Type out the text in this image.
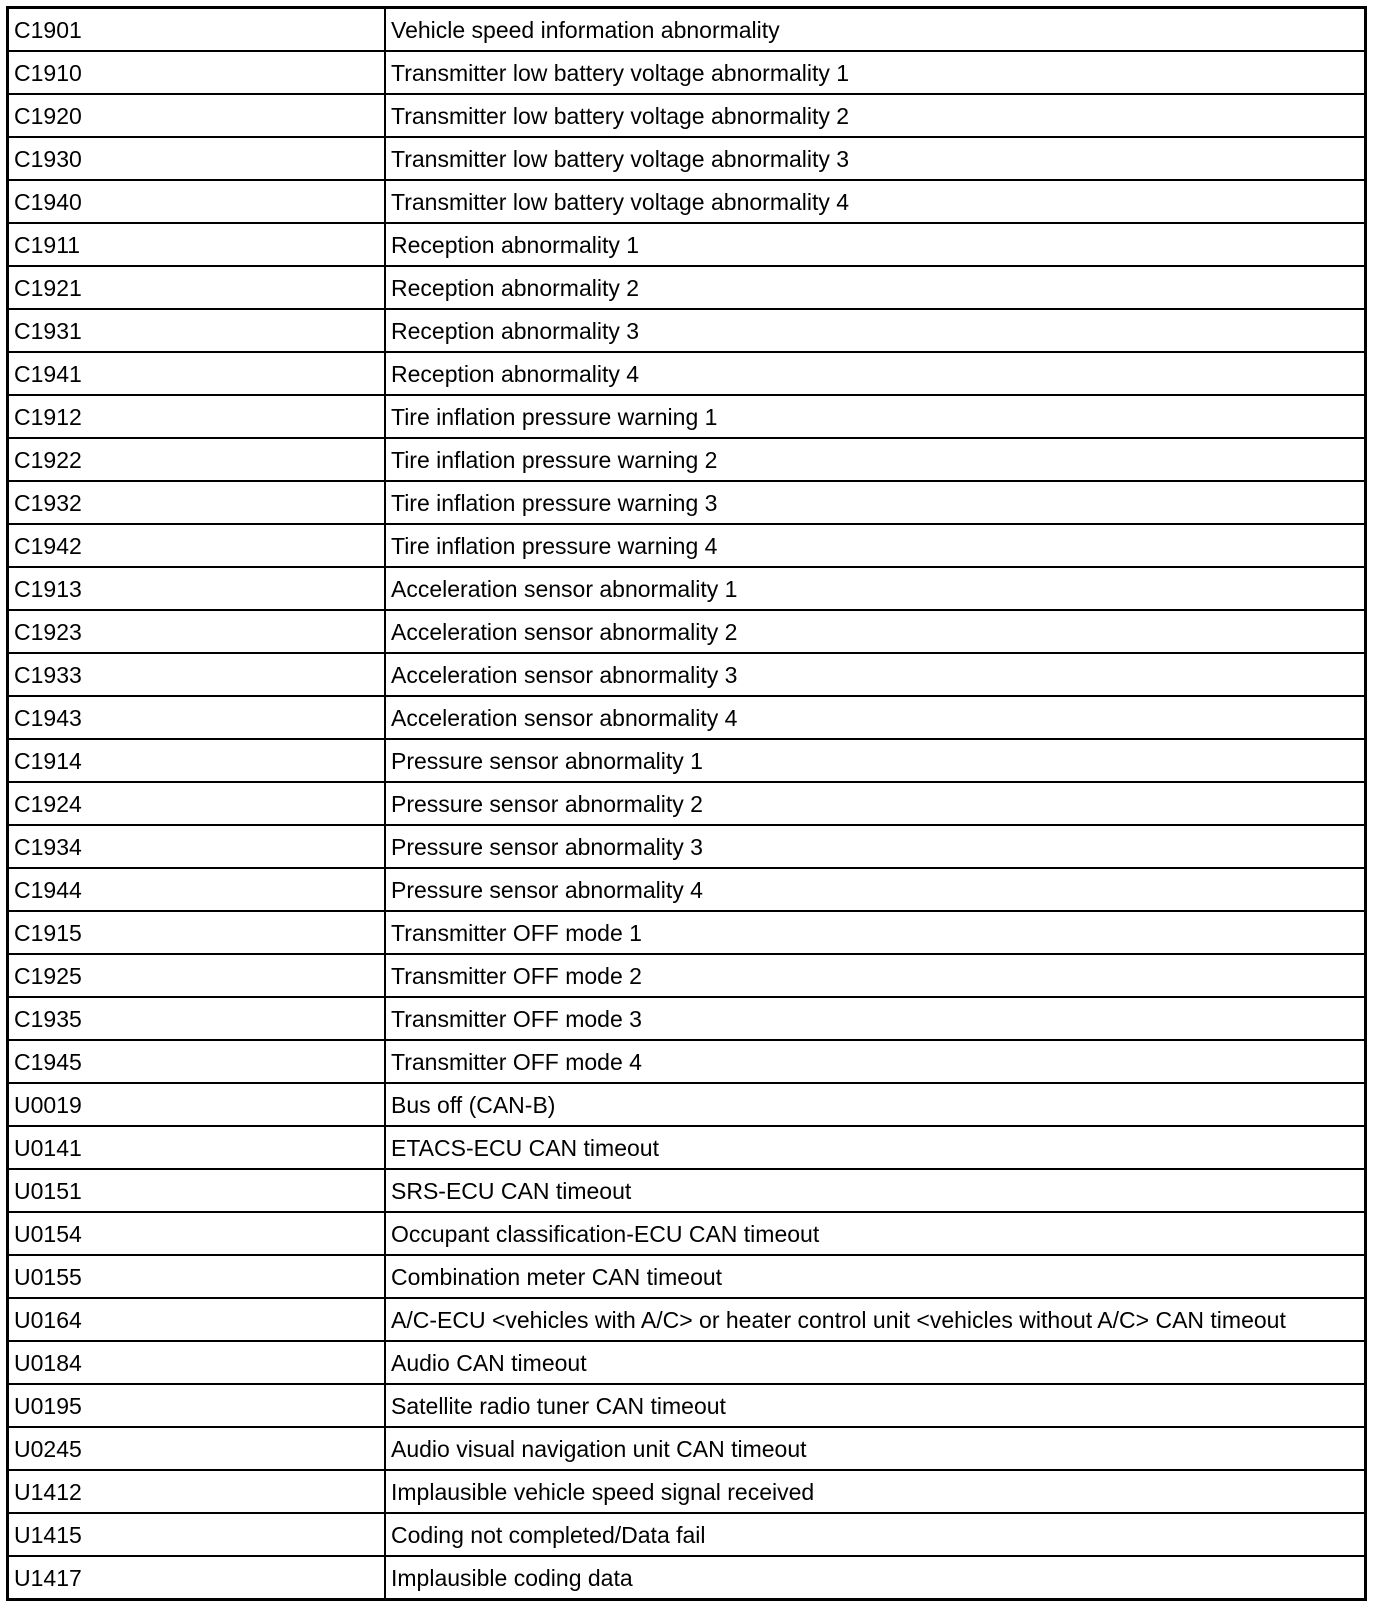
C1901	Vehicle speed information abnormality
C1910	Transmitter low battery voltage abnormality 1
C1920	Transmitter low battery voltage abnormality 2
C1930	Transmitter low battery voltage abnormality 3
C1940	Transmitter low battery voltage abnormality 4
C1911	Reception abnormality 1
C1921	Reception abnormality 2
C1931	Reception abnormality 3
C1941	Reception abnormality 4
C1912	Tire inflation pressure warning 1
C1922	Tire inflation pressure warning 2
C1932	Tire inflation pressure warning 3
C1942	Tire inflation pressure warning 4
C1913	Acceleration sensor abnormality 1
C1923	Acceleration sensor abnormality 2
C1933	Acceleration sensor abnormality 3
C1943	Acceleration sensor abnormality 4
C1914	Pressure sensor abnormality 1
C1924	Pressure sensor abnormality 2
C1934	Pressure sensor abnormality 3
C1944	Pressure sensor abnormality 4
C1915	Transmitter OFF mode 1
C1925	Transmitter OFF mode 2
C1935	Transmitter OFF mode 3
C1945	Transmitter OFF mode 4
U0019	Bus off (CAN-B)
U0141	ETACS-ECU CAN timeout
U0151	SRS-ECU CAN timeout
U0154	Occupant classification-ECU CAN timeout
U0155	Combination meter CAN timeout
U0164	A/C-ECU <vehicles with A/C> or heater control unit <vehicles without A/C> CAN timeout
U0184	Audio CAN timeout
U0195	Satellite radio tuner CAN timeout
U0245	Audio visual navigation unit CAN timeout
U1412	Implausible vehicle speed signal received
U1415	Coding not completed/Data fail
U1417	Implausible coding data
